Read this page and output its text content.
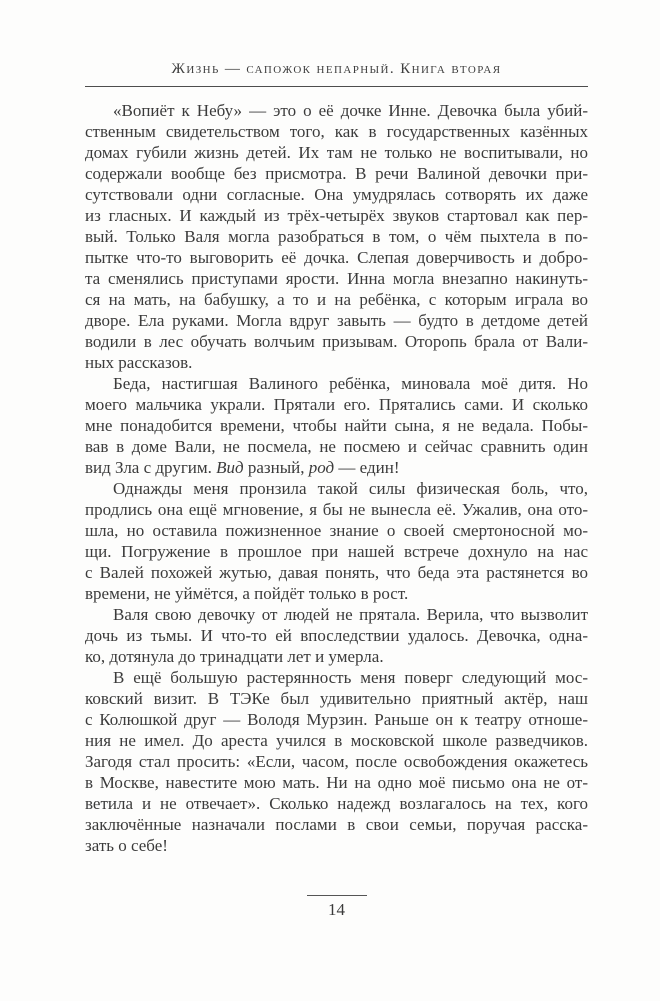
Жизнь — сапожок непарный. Книга вторая
«Вопиёт к Небу» — это о её дочке Инне. Девочка была убий-
ственным свидетельством того, как в государственных казённых
домах губили жизнь детей. Их там не только не воспитывали, но
содержали вообще без присмотра. В речи Валиной девочки при-
сутствовали одни согласные. Она умудрялась сотворять их даже
из гласных. И каждый из трёх-четырёх звуков стартовал как пер-
вый. Только Валя могла разобраться в том, о чём пыхтела в по-
пытке что-то выговорить её дочка. Слепая доверчивость и добро-
та сменялись приступами ярости. Инна могла внезапно накинуть-
ся на мать, на бабушку, а то и на ребёнка, с которым играла во
дворе. Ела руками. Могла вдруг завыть — будто в детдоме детей
водили в лес обучать волчьим призывам. Оторопь брала от Вали-
ных рассказов.
Беда, настигшая Валиного ребёнка, миновала моё дитя. Но
моего мальчика украли. Прятали его. Прятались сами. И сколько
мне понадобится времени, чтобы найти сына, я не ведала. Побы-
вав в доме Вали, не посмела, не посмею и сейчас сравнить один
вид Зла с другим. Вид разный, род — един!
Однажды меня пронзила такой силы физическая боль, что,
продлись она ещё мгновение, я бы не вынесла её. Ужалив, она ото-
шла, но оставила пожизненное знание о своей смертоносной мо-
щи. Погружение в прошлое при нашей встрече дохнуло на нас
с Валей похожей жутью, давая понять, что беда эта растянется во
времени, не уймётся, а пойдёт только в рост.
Валя свою девочку от людей не прятала. Верила, что вызволит
дочь из тьмы. И что-то ей впоследствии удалось. Девочка, одна-
ко, дотянула до тринадцати лет и умерла.
В ещё большую растерянность меня поверг следующий мос-
ковский визит. В ТЭКе был удивительно приятный актёр, наш
с Колюшкой друг — Володя Мурзин. Раньше он к театру отноше-
ния не имел. До ареста учился в московской школе разведчиков.
Загодя стал просить: «Если, часом, после освобождения окажетесь
в Москве, навестите мою мать. Ни на одно моё письмо она не от-
ветила и не отвечает». Сколько надежд возлагалось на тех, кого
заключённые назначали послами в свои семьи, поручая расска-
зать о себе!
14
